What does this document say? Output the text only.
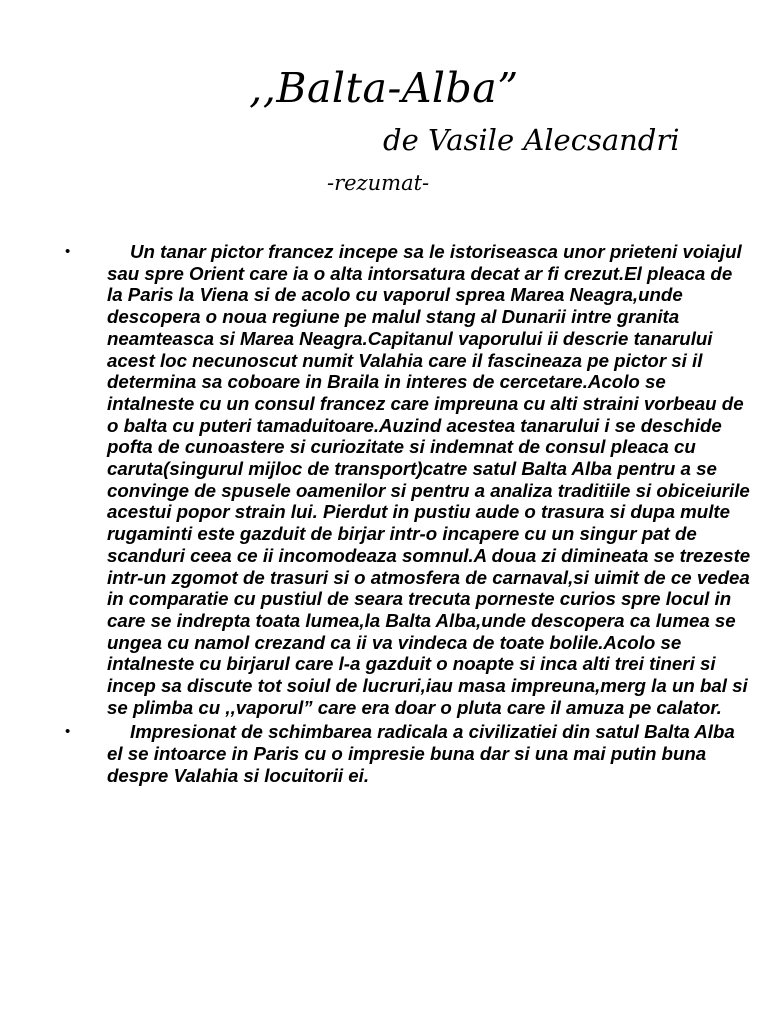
,,Balta-Alba”
de Vasile Alecsandri
-rezumat-
•	Un tanar pictor francez incepe sa le istoriseasca unor prieteni voiajul sau spre Orient care ia o alta intorsatura decat ar fi crezut.El pleaca de la Paris la Viena si de acolo cu vaporul sprea Marea Neagra,unde descopera o noua regiune pe malul stang al Dunarii intre granita neamteasca si Marea Neagra.Capitanul vaporului ii descrie tanarului acest loc necunoscut numit Valahia care il fascineaza pe pictor si il determina sa coboare in Braila in interes de cercetare.Acolo se intalneste cu un consul francez care impreuna cu alti straini vorbeau de o balta cu puteri tamaduitoare.Auzind acestea tanarului i se deschide pofta de cunoastere si curiozitate si indemnat de consul pleaca cu caruta(singurul mijloc de transport)catre satul Balta Alba pentru a se convinge de spusele oamenilor si pentru a analiza traditiile si obiceiurile acestui popor strain lui. Pierdut in pustiu aude o trasura si dupa multe rugaminti este gazduit de birjar intr-o incapere cu un singur pat de scanduri ceea ce ii incomodeaza somnul.A doua zi dimineata se trezeste intr-un zgomot de trasuri si o atmosfera de carnaval,si uimit de ce vedea in comparatie cu pustiul de seara trecuta porneste curios spre locul in care se indrepta toata lumea,la Balta Alba,unde descopera ca lumea se ungea cu namol crezand ca ii va vindeca de toate bolile.Acolo se intalneste cu birjarul care l-a gazduit o noapte si inca alti trei tineri si incep sa discute tot soiul de lucruri,iau masa impreuna,merg la un bal si se plimba cu ,,vaporul” care era doar o pluta care il amuza pe calator.
•	Impresionat de schimbarea radicala a civilizatiei din satul Balta Alba el se intoarce in Paris cu o impresie buna dar si una mai putin buna despre Valahia si locuitorii ei.
